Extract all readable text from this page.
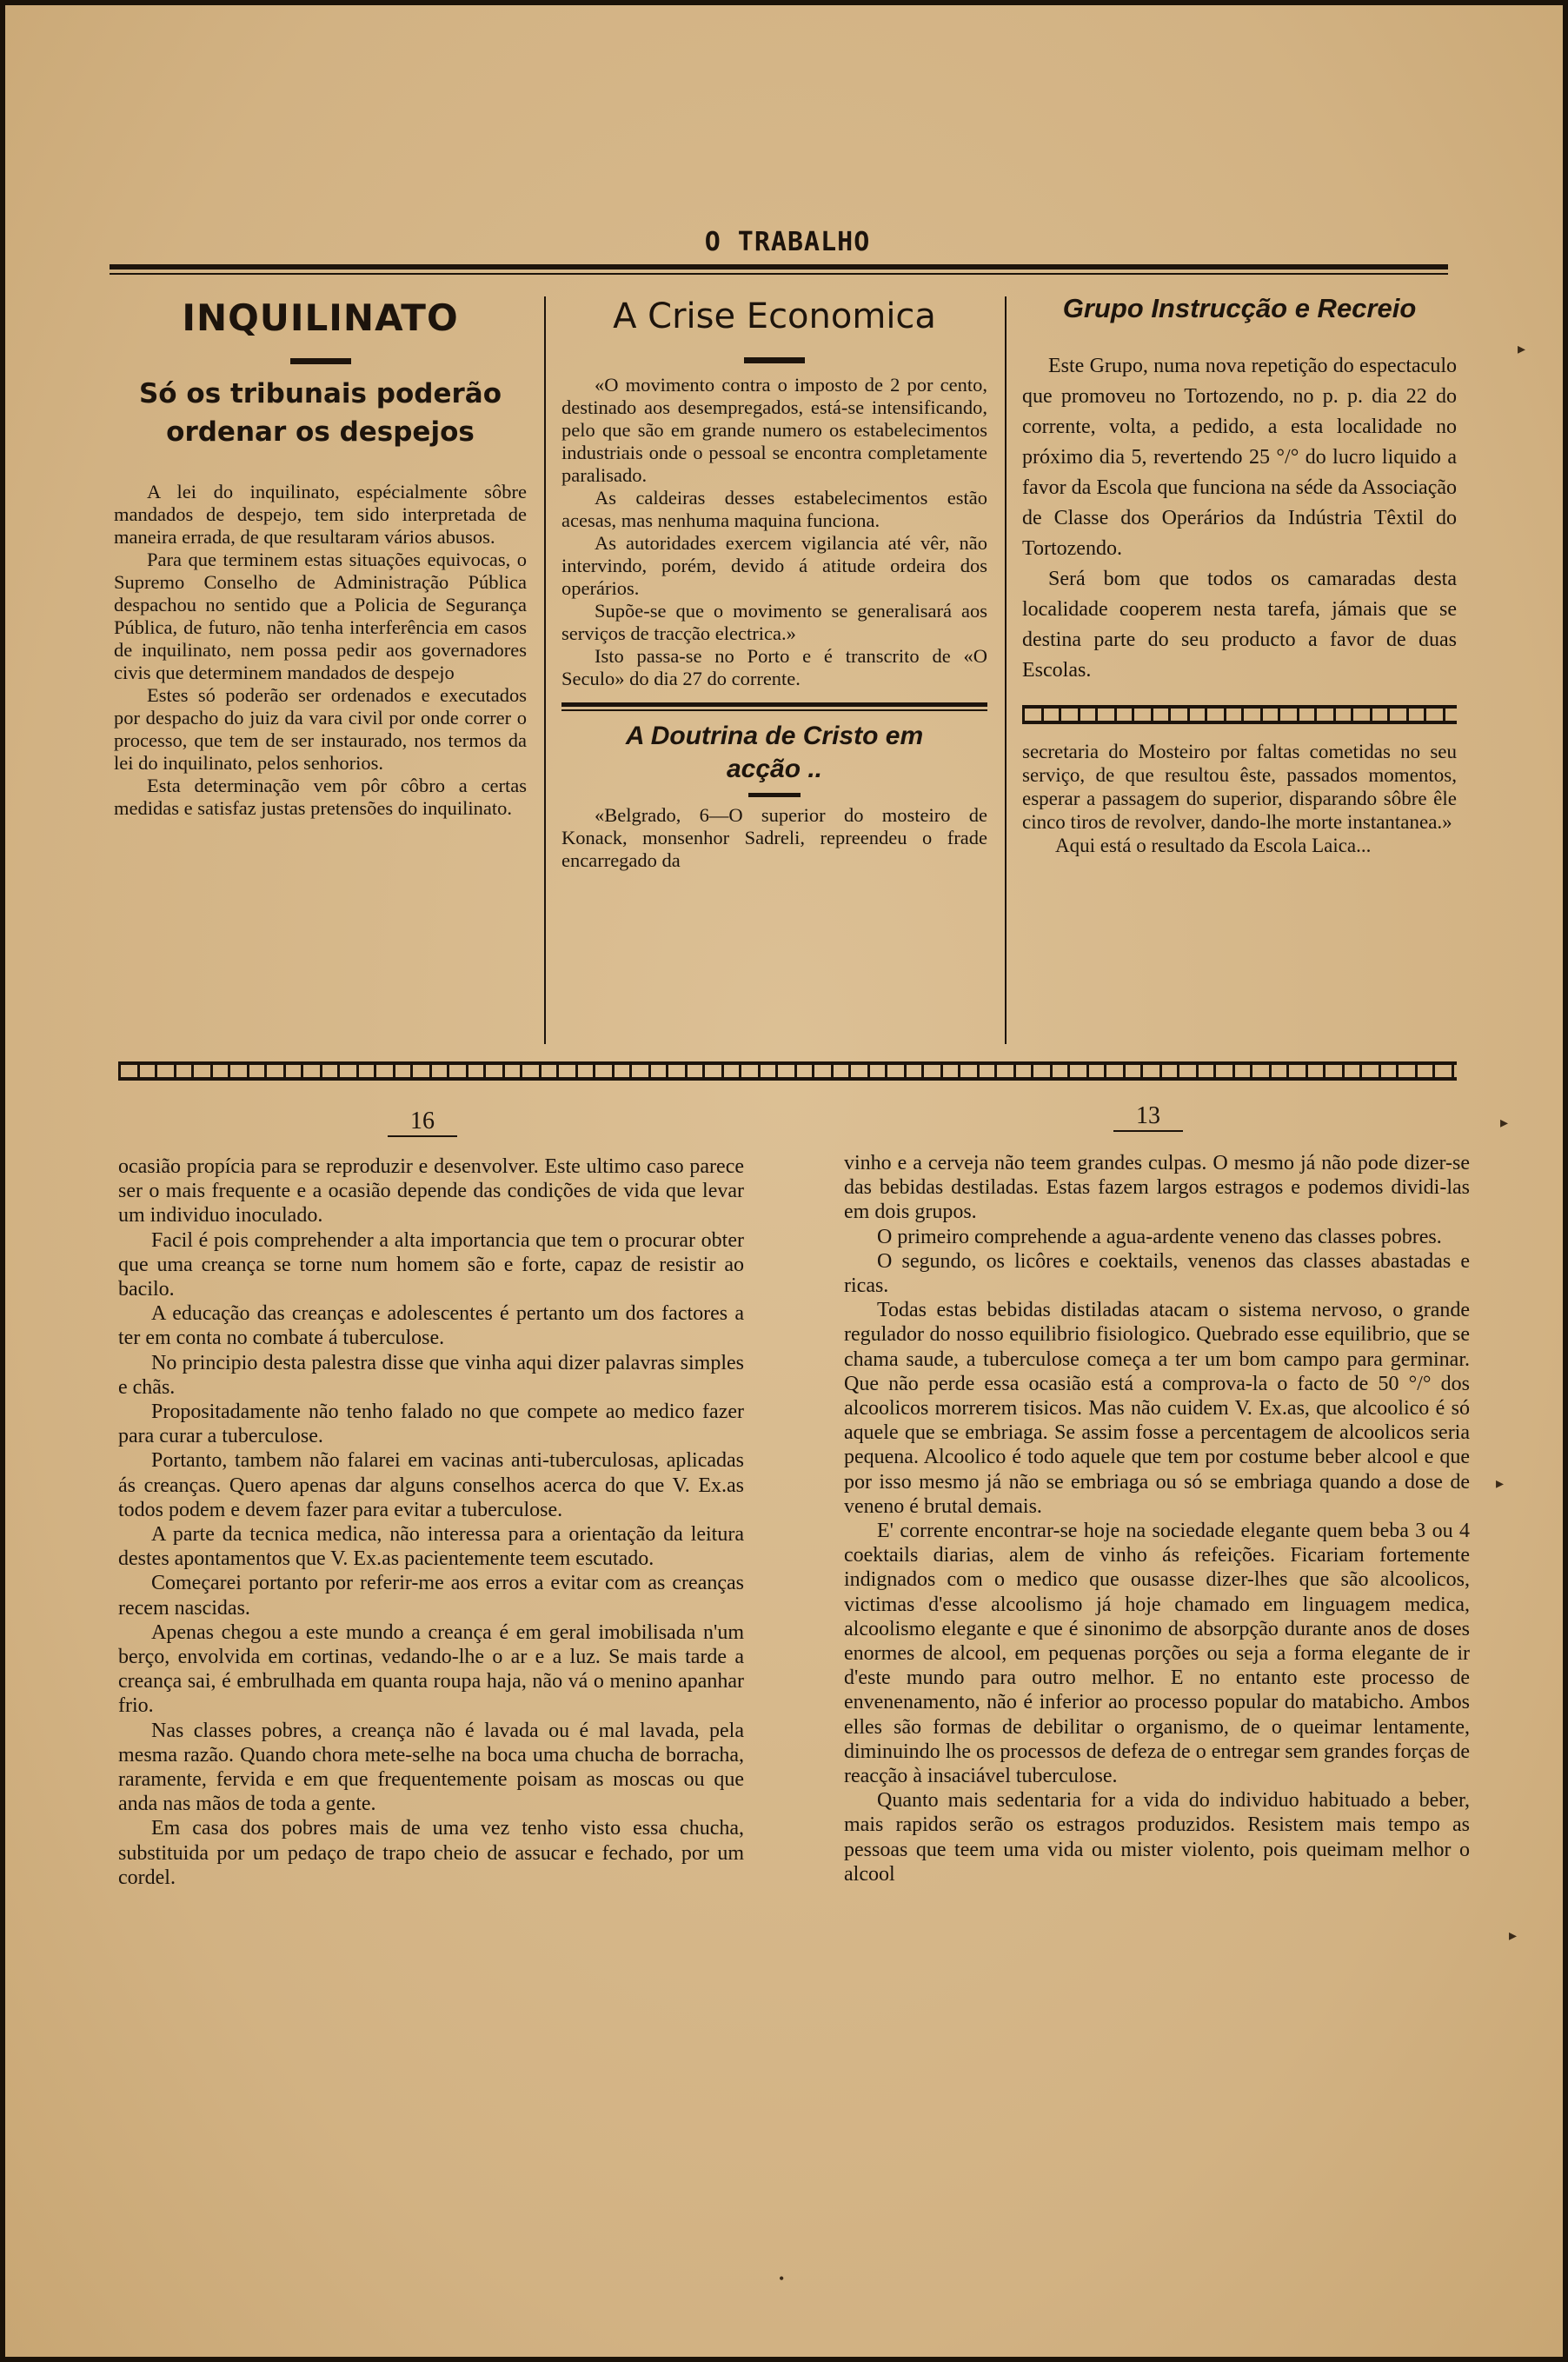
O TRABALHO
INQUILINATO
Só os tribunais poderão ordenar os despejos

A lei do inquilinato, espécialmente sôbre mandados de despejo, tem sido interpretada de maneira errada, de que resultaram vários abusos.

Para que terminem estas situações equivocas, o Supremo Conselho de Administração Pública despachou no sentido que a Policia de Segurança Pública, de futuro, não tenha interferência em casos de inquilinato, nem possa pedir aos governadores civis que determinem mandados de despejo

Estes só poderão ser ordenados e executados por despacho do juiz da vara civil por onde correr o processo, que tem de ser instaurado, nos termos da lei do inquilinato, pelos senhorios.

Esta determinação vem pôr côbro a certas medidas e satisfaz justas pretensões do inquilinato.

A Crise Economica

«O movimento contra o imposto de 2 por cento, destinado aos desempregados, está-se intensificando, pelo que são em grande numero os estabelecimentos industriais onde o pessoal se encontra completamente paralisado.

As caldeiras desses estabelecimentos estão acesas, mas nenhuma maquina funciona.

As autoridades exercem vigilancia até vêr, não intervindo, porém, devido á atitude ordeira dos operários.

Supõe-se que o movimento se generalisará aos serviços de tracção electrica.»

Isto passa-se no Porto e é transcrito de «O Seculo» do dia 27 do corrente.

A Doutrina de Cristo em acção ..

«Belgrado, 6—O superior do mosteiro de Konack, monsenhor Sadreli, repreendeu o frade encarregado da

Grupo Instrucção e Recreio

Este Grupo, numa nova repetição do espectaculo que promoveu no Tortozendo, no p. p. dia 22 do corrente, volta, a pedido, a esta localidade no próximo dia 5, revertendo 25 °/° do lucro liquido a favor da Escola que funciona na séde da Associação de Classe dos Operários da Indústria Têxtil do Tortozendo.

Será bom que todos os camaradas desta localidade cooperem nesta tarefa, jámais que se destina parte do seu producto a favor de duas Escolas.

secretaria do Mosteiro por faltas cometidas no seu serviço, de que resultou êste, passados momentos, esperar a passagem do superior, disparando sôbre êle cinco tiros de revolver, dando-lhe morte instantanea.»

Aqui está o resultado da Escola Laica...

16	13

ocasião propícia para se reproduzir e desenvolver. Este ultimo caso parece ser o mais frequente e a ocasião depende das condições de vida que levar um individuo inoculado.

Facil é pois comprehender a alta importancia que tem o procurar obter que uma creança se torne num homem são e forte, capaz de resistir ao bacilo.

A educação das creanças e adolescentes é pertanto um dos factores a ter em conta no combate á tuberculose.

No principio desta palestra disse que vinha aqui dizer palavras simples e chãs.

Propositadamente não tenho falado no que compete ao medico fazer para curar a tuberculose.

Portanto, tambem não falarei em vacinas anti-tuberculosas, aplicadas ás creanças. Quero apenas dar alguns conselhos acerca do que V. Ex.as todos podem e devem fazer para evitar a tuberculose.

A parte da tecnica medica, não interessa para a orientação da leitura destes apontamentos que V. Ex.as pacientemente teem escutado.

Começarei portanto por referir-me aos erros a evitar com as creanças recem nascidas.

Apenas chegou a este mundo a creança é em geral imobilisada n'um berço, envolvida em cortinas, vedando-lhe o ar e a luz. Se mais tarde a creança sai, é embrulhada em quanta roupa haja, não vá o menino apanhar frio.

Nas classes pobres, a creança não é lavada ou é mal lavada, pela mesma razão. Quando chora mete-selhe na boca uma chucha de borracha, raramente, fervida e em que frequentemente poisam as moscas ou que anda nas mãos de toda a gente.

Em casa dos pobres mais de uma vez tenho visto essa chucha, substituida por um pedaço de trapo cheio de assucar e fechado, por um cordel.

vinho e a cerveja não teem grandes culpas. O mesmo já não pode dizer-se das bebidas destiladas. Estas fazem largos estragos e podemos dividi-las em dois grupos.

O primeiro comprehende a agua-ardente veneno das classes pobres.

O segundo, os licôres e coektails, venenos das classes abastadas e ricas.

Todas estas bebidas distiladas atacam o sistema nervoso, o grande regulador do nosso equilibrio fisiologico. Quebrado esse equilibrio, que se chama saude, a tuberculose começa a ter um bom campo para germinar. Que não perde essa ocasião está a comprova-la o facto de 50 °/° dos alcoolicos morrerem tisicos. Mas não cuidem V. Ex.as, que alcoolico é só aquele que se embriaga. Se assim fosse a percentagem de alcoolicos seria pequena. Alcoolico é todo aquele que tem por costume beber alcool e que por isso mesmo já não se embriaga ou só se embriaga quando a dose de veneno é brutal demais.

E' corrente encontrar-se hoje na sociedade elegante quem beba 3 ou 4 coektails diarias, alem de vinho ás refeições. Ficariam fortemente indignados com o medico que ousasse dizer-lhes que são alcoolicos, victimas d'esse alcoolismo já hoje chamado em linguagem medica, alcoolismo elegante e que é sinonimo de absorpção durante anos de doses enormes de alcool, em pequenas porções ou seja a forma elegante de ir d'este mundo para outro melhor. E no entanto este processo de envenenamento, não é inferior ao processo popular do matabicho. Ambos elles são formas de debilitar o organismo, de o queimar lentamente, diminuindo lhe os processos de defeza de o entregar sem grandes forças de reacção à insaciável tuberculose.

Quanto mais sedentaria for a vida do individuo habituado a beber, mais rapidos serão os estragos produzidos. Resistem mais tempo as pessoas que teem uma vida ou mister violento, pois queimam melhor o alcool

▸
▸
▸
▸
•
